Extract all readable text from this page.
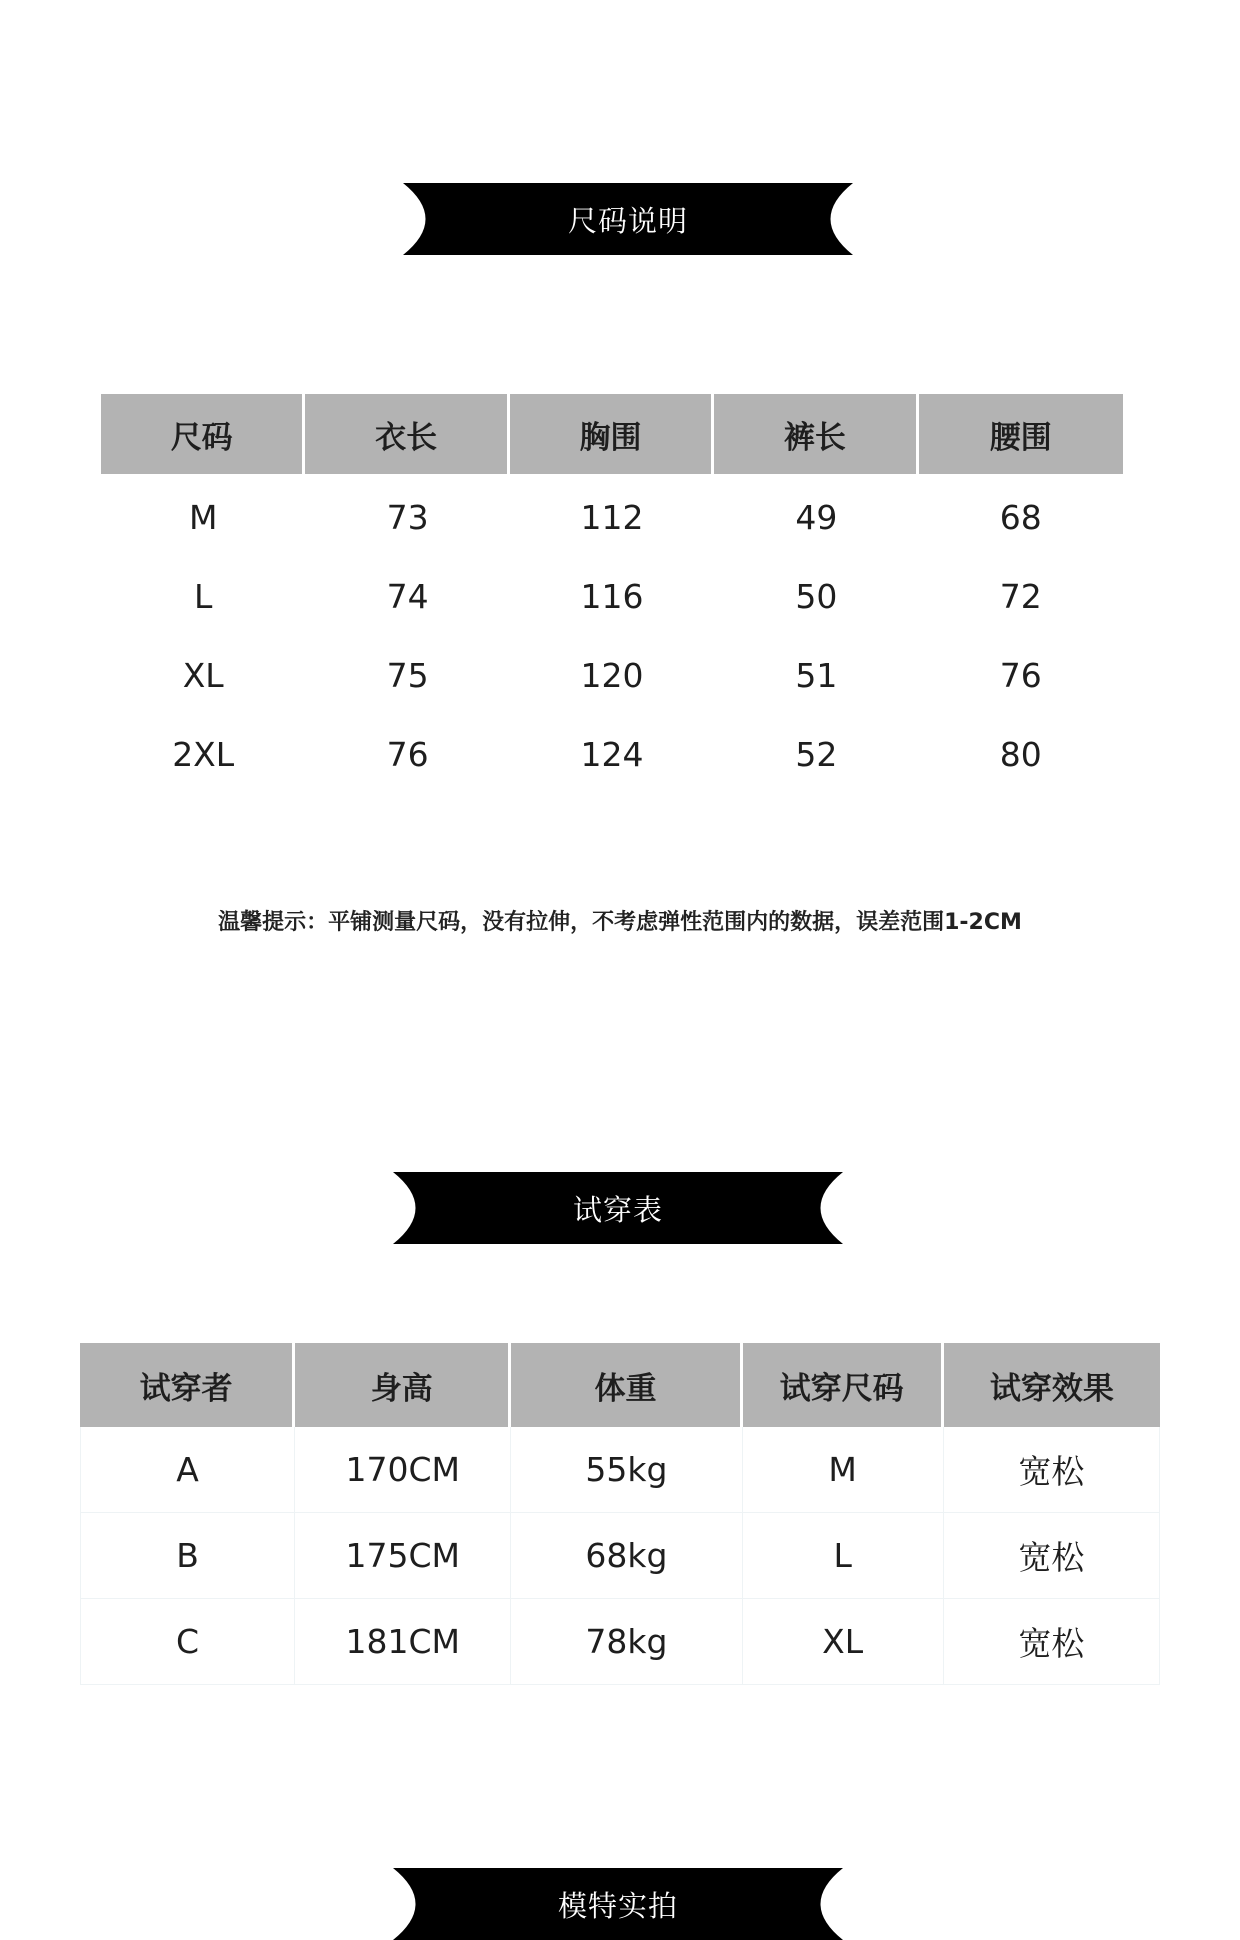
尺码说明
尺码	衣长	胸围	裤长	腰围
M	73	112	49	68
L	74	116	50	72
XL	75	120	51	76
2XL	76	124	52	80
温馨提示：平铺测量尺码，没有拉伸，不考虑弹性范围内的数据，误差范围1-2CM
试穿表
试穿者	身高	体重	试穿尺码	试穿效果
A	170CM	55kg	M	宽松
B	175CM	68kg	L	宽松
C	181CM	78kg	XL	宽松
模特实拍
